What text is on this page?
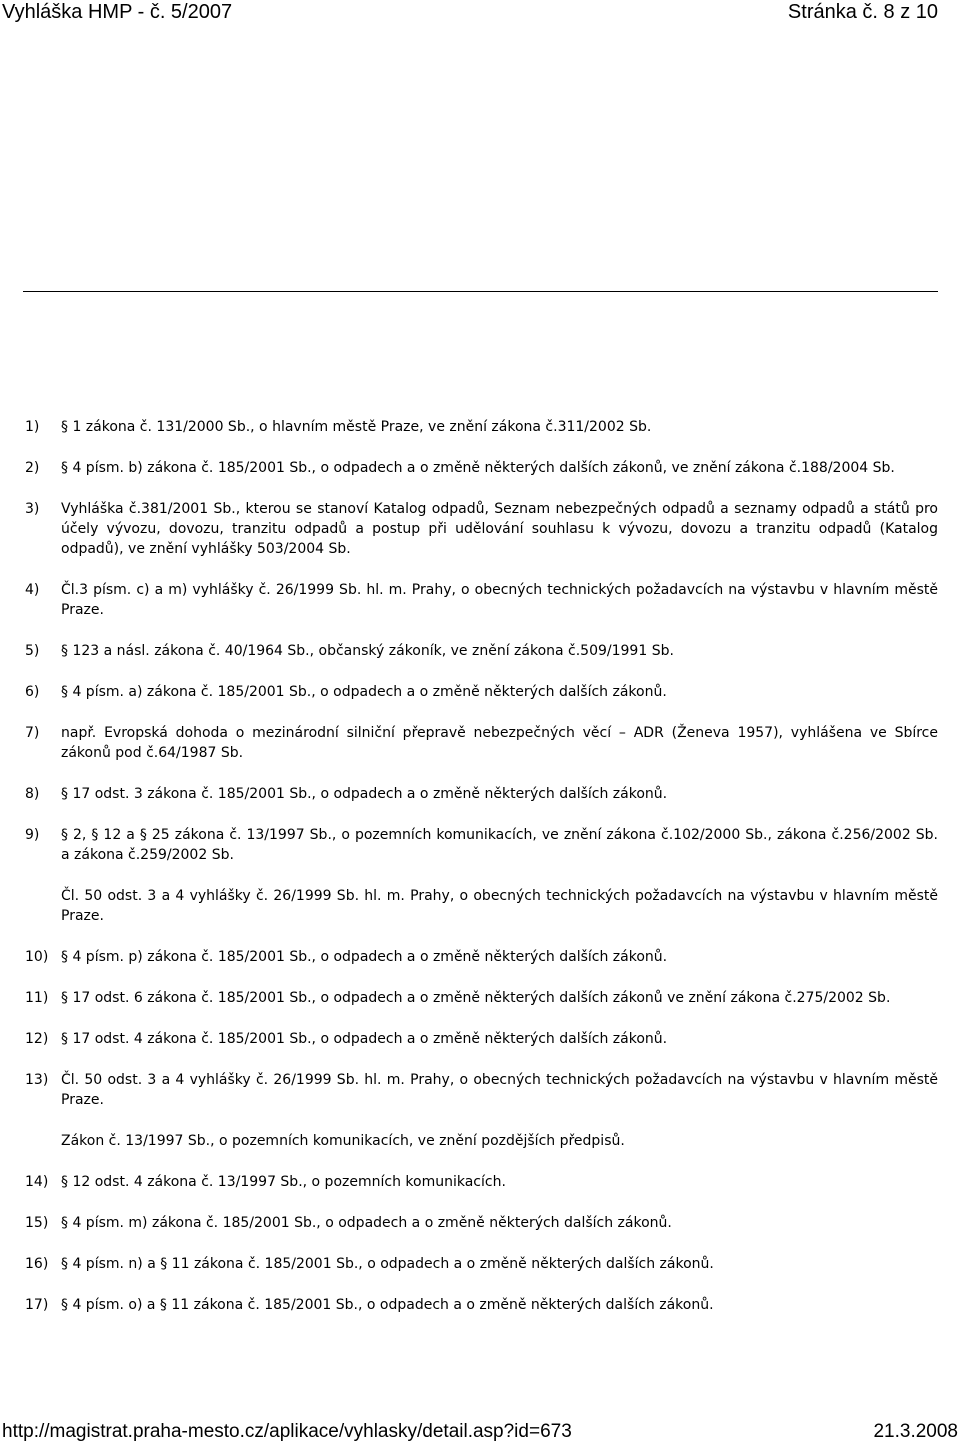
Vyhláška HMP - č. 5/2007	Stránka č. 8 z 10
1) § 1 zákona č. 131/2000 Sb., o hlavním městě Praze, ve znění zákona č.311/2002 Sb.
2) § 4 písm. b) zákona č. 185/2001 Sb., o odpadech a o změně některých dalších zákonů, ve znění zákona č.188/2004 Sb.
3) Vyhláška č.381/2001 Sb., kterou se stanoví Katalog odpadů, Seznam nebezpečných odpadů a seznamy odpadů a států pro účely vývozu, dovozu, tranzitu odpadů a postup při udělování souhlasu k vývozu, dovozu a tranzitu odpadů (Katalog odpadů), ve znění vyhlášky 503/2004 Sb.
4) Čl.3 písm. c) a m) vyhlášky č. 26/1999 Sb. hl. m. Prahy, o obecných technických požadavcích na výstavbu v hlavním městě Praze.
5) § 123 a násl. zákona č. 40/1964 Sb., občanský zákoník, ve znění zákona č.509/1991 Sb.
6) § 4 písm. a) zákona č. 185/2001 Sb., o odpadech a o změně některých dalších zákonů.
7) např. Evropská dohoda o mezinárodní silniční přepravě nebezpečných věcí – ADR (Ženeva 1957), vyhlášena ve Sbírce zákonů pod č.64/1987 Sb.
8) § 17 odst. 3 zákona č. 185/2001 Sb., o odpadech a o změně některých dalších zákonů.
9) § 2, § 12 a § 25 zákona č. 13/1997 Sb., o pozemních komunikacích, ve znění zákona č.102/2000 Sb., zákona č.256/2002 Sb. a zákona č.259/2002 Sb.
Čl. 50 odst. 3 a 4 vyhlášky č. 26/1999 Sb. hl. m. Prahy, o obecných technických požadavcích na výstavbu v hlavním městě Praze.
10) § 4 písm. p) zákona č. 185/2001 Sb., o odpadech a o změně některých dalších zákonů.
11) § 17 odst. 6 zákona č. 185/2001 Sb., o odpadech a o změně některých dalších zákonů ve znění zákona č.275/2002 Sb.
12) § 17 odst. 4 zákona č. 185/2001 Sb., o odpadech a o změně některých dalších zákonů.
13) Čl. 50 odst. 3 a 4 vyhlášky č. 26/1999 Sb. hl. m. Prahy, o obecných technických požadavcích na výstavbu v hlavním městě Praze.
Zákon č. 13/1997 Sb., o pozemních komunikacích, ve znění pozdějších předpisů.
14) § 12 odst. 4 zákona č. 13/1997 Sb., o pozemních komunikacích.
15) § 4 písm. m) zákona č. 185/2001 Sb., o odpadech a o změně některých dalších zákonů.
16) § 4 písm. n) a § 11 zákona č. 185/2001 Sb., o odpadech a o změně některých dalších zákonů.
17) § 4 písm. o) a § 11 zákona č. 185/2001 Sb., o odpadech a o změně některých dalších zákonů.
http://magistrat.praha-mesto.cz/aplikace/vyhlasky/detail.asp?id=673	21.3.2008
